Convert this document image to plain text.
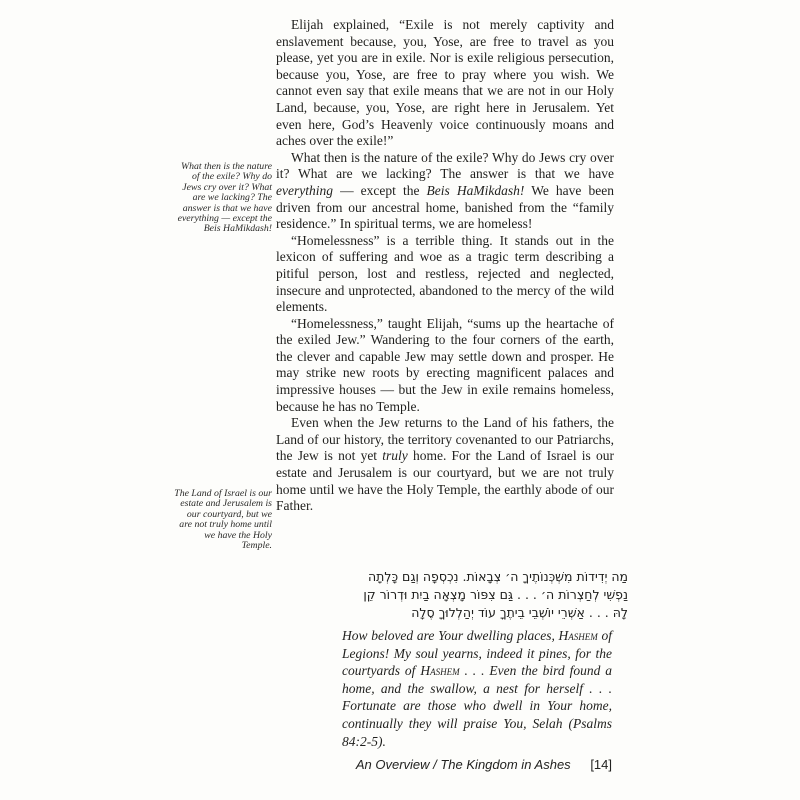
What then is the nature of the exile? Why do Jews cry over it? What are we lacking? The answer is that we have everything — except the Beis HaMikdash!
The Land of Israel is our estate and Jerusalem is our courtyard, but we are not truly home until we have the Holy Temple.

Elijah explained, “Exile is not merely captivity and enslavement because, you, Yose, are free to travel as you please, yet you are in exile. Nor is exile religious persecution, because you, Yose, are free to pray where you wish. We cannot even say that exile means that we are not in our Holy Land, because, you, Yose, are right here in Jerusalem. Yet even here, God’s Heavenly voice continuously moans and aches over the exile!”

What then is the nature of the exile? Why do Jews cry over it? What are we lacking? The answer is that we have everything — except the Beis HaMikdash! We have been driven from our ancestral home, banished from the “family residence.” In spiritual terms, we are homeless!

“Homelessness” is a terrible thing. It stands out in the lexicon of suffering and woe as a tragic term describing a pitiful person, lost and restless, rejected and neglected, insecure and unprotected, abandoned to the mercy of the wild elements.

“Homelessness,” taught Elijah, “sums up the heartache of the exiled Jew.” Wandering to the four corners of the earth, the clever and capable Jew may settle down and prosper. He may strike new roots by erecting magnificent palaces and impressive houses — but the Jew in exile remains homeless, because he has no Temple.

Even when the Jew returns to the Land of his fathers, the Land of our history, the territory covenanted to our Patriarchs, the Jew is not yet truly home. For the Land of Israel is our estate and Jerusalem is our courtyard, but we are not truly home until we have the Holy Temple, the earthly abode of our Father.

מַה יְדִידוֹת מִשְׁכְּנוֹתֶיךָ ה׳ צְבָאוֹת. נִכְסְפָה וְגַם כָּלְתָה
נַפְשִׁי לְחַצְרוֹת ה׳ . . . גַּם צִפּוֹר מָצְאָה בַיִת וּדְרוֹר קֵן
לָהּ . . . אַשְׁרֵי יוֹשְׁבֵי בֵיתֶךָ עוֹד יְהַלְלוּךָ סֶלָה
How beloved are Your dwelling places, Hashem of Legions! My soul yearns, indeed it pines, for the courtyards of Hashem . . . Even the bird found a home, and the swallow, a nest for herself . . . Fortunate are those who dwell in Your home, continually they will praise You, Selah (Psalms 84:2-5).
An Overview / The Kingdom in Ashes [14]
